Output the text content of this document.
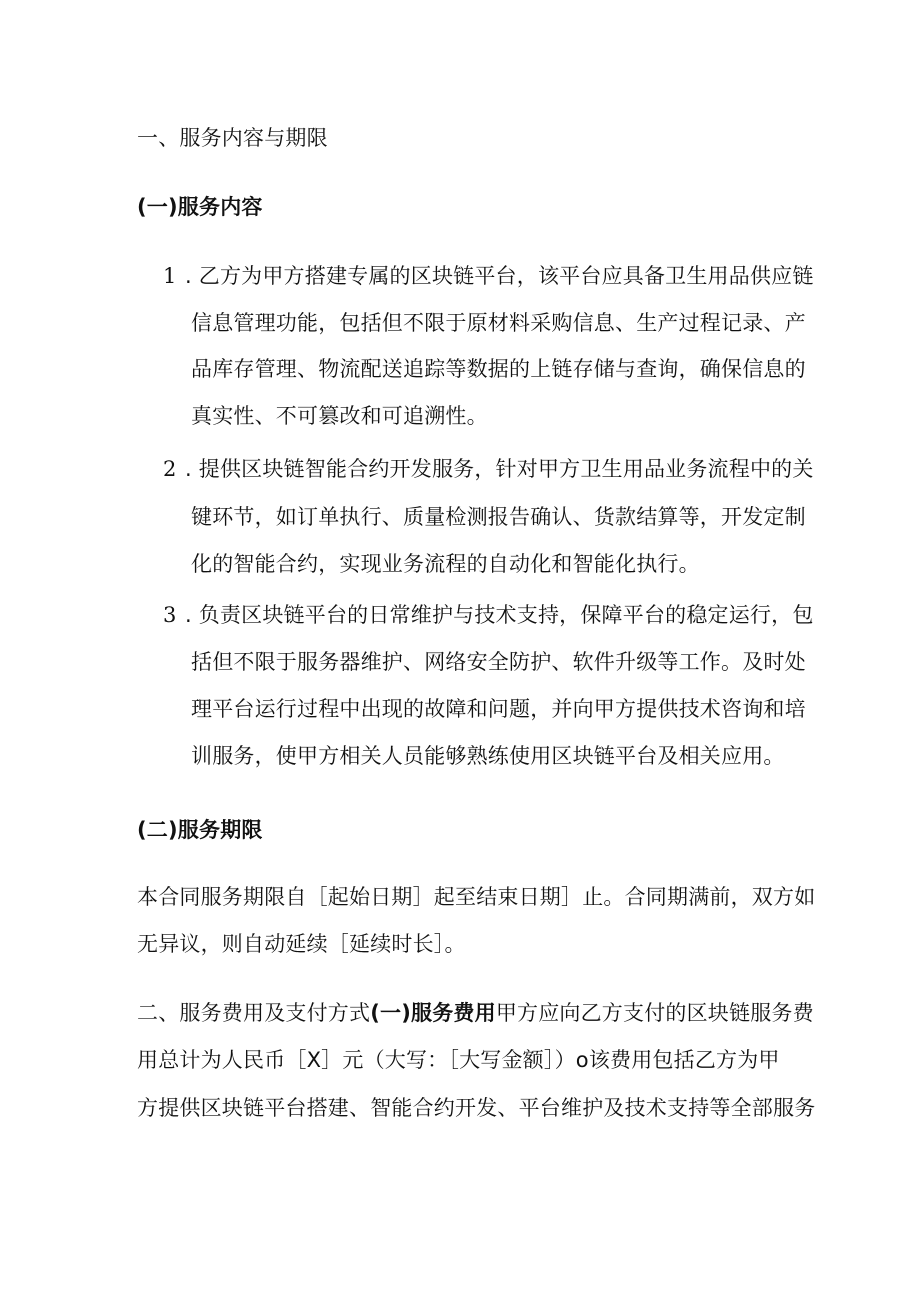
一、服务内容与期限
(一)服务内容
1 . 乙方为甲方搭建专属的区块链平台，该平台应具备卫生用品供应链
信息管理功能，包括但不限于原材料采购信息、生产过程记录、产
品库存管理、物流配送追踪等数据的上链存储与查询，确保信息的
真实性、不可篡改和可追溯性。
2 . 提供区块链智能合约开发服务，针对甲方卫生用品业务流程中的关
键环节，如订单执行、质量检测报告确认、货款结算等，开发定制
化的智能合约，实现业务流程的自动化和智能化执行。
3 . 负责区块链平台的日常维护与技术支持，保障平台的稳定运行，包
括但不限于服务器维护、网络安全防护、软件升级等工作。及时处
理平台运行过程中出现的故障和问题，并向甲方提供技术咨询和培
训服务，使甲方相关人员能够熟练使用区块链平台及相关应用。
(二)服务期限
本合同服务期限自［起始日期］起至结束日期］止。合同期满前，双方如
无异议，则自动延续［延续时长］。
二、服务费用及支付方式(一)服务费用甲方应向乙方支付的区块链服务费
用总计为人民币［X］元（大写：［大写金额］）o该费用包括乙方为甲
方提供区块链平台搭建、智能合约开发、平台维护及技术支持等全部服务
